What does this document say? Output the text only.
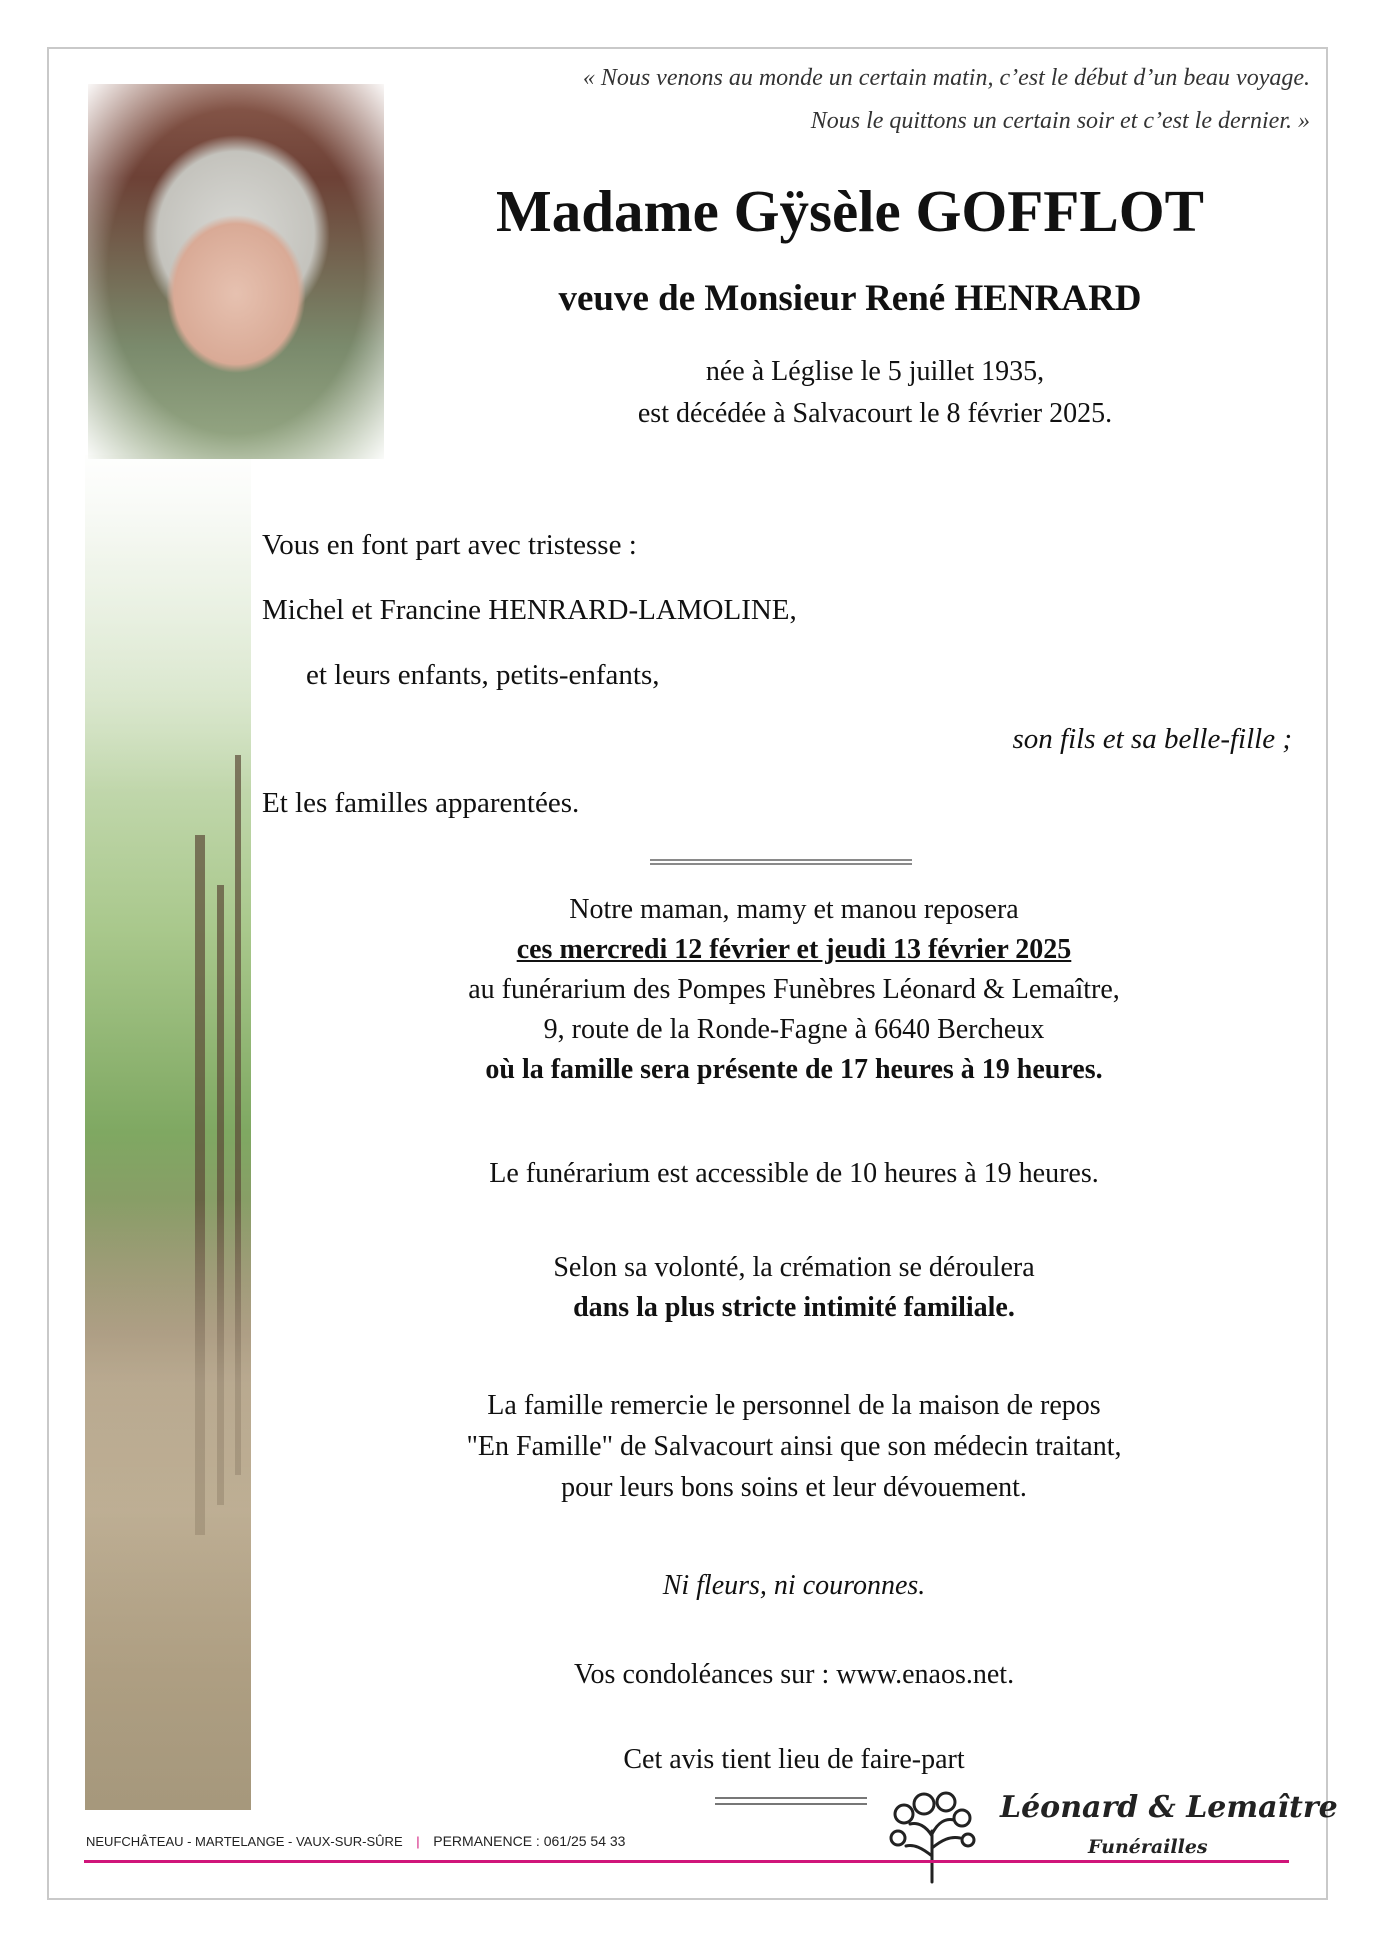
« Nous venons au monde un certain matin, c’est le début d’un beau voyage.
Nous le quittons un certain soir et c’est le dernier. »
Madame Gÿsèle GOFFLOT
veuve de Monsieur René HENRARD
née à Léglise le 5 juillet 1935,
est décédée à Salvacourt le 8 février 2025.
Vous en font part avec tristesse :
Michel et Francine HENRARD-LAMOLINE,
et leurs enfants, petits-enfants,
son fils et sa belle-fille ;
Et les familles apparentées.
Notre maman, mamy et manou reposera
ces mercredi 12 février et jeudi 13 février 2025
au funérarium des Pompes Funèbres Léonard & Lemaître,
9, route de la Ronde-Fagne à 6640 Bercheux
où la famille sera présente de 17 heures à 19 heures.
Le funérarium est accessible de 10 heures à 19 heures.
Selon sa volonté, la crémation se déroulera
dans la plus stricte intimité familiale.
La famille remercie le personnel de la maison de repos
"En Famille" de Salvacourt ainsi que son médecin traitant,
pour leurs bons soins et leur dévouement.
Ni fleurs, ni couronnes.
Vos condoléances sur : www.enaos.net.
Cet avis tient lieu de faire-part
NEUFCHÂTEAU - MARTELANGE - VAUX-SUR-SÛRE | PERMANENCE : 061/25 54 33
Léonard & Lemaître
Funérailles
